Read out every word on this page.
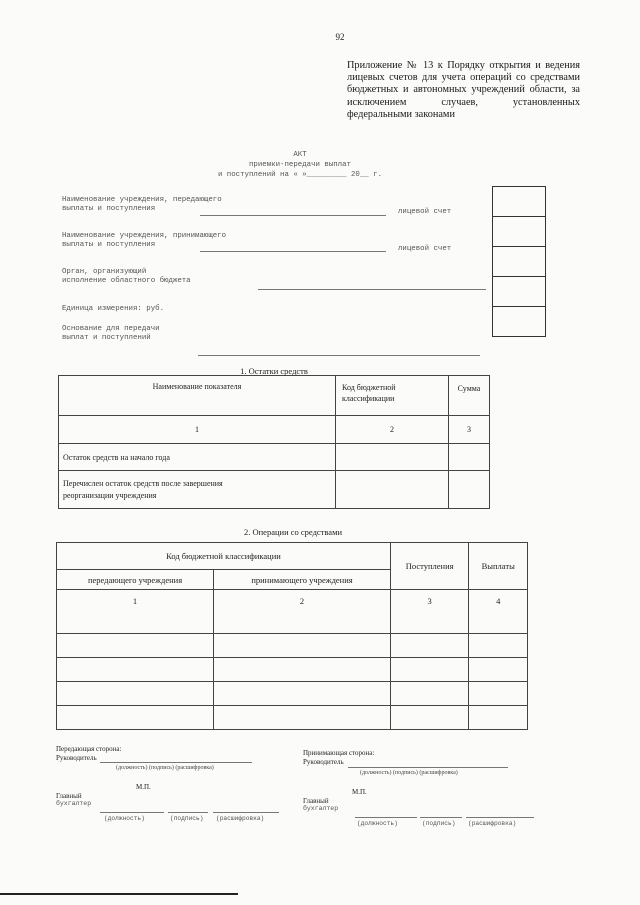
92
Приложение № 13 к Порядку открытия и ведения лицевых счетов для учета операций со средствами бюджетных и автономных учреждений области, за исключением случаев, установленных федеральными законами
АКТ
приемки-передачи выплат
и поступлений на « »_________ 20__ г.
Наименование учреждения, передающего
выплаты и поступления	лицевой счет
Наименование учреждения, принимающего
выплаты и поступления	лицевой счет
Орган, организующий
исполнение областного бюджета
Единица измерения: руб.
Основание для передачи
выплат и поступлений
1. Остатки средств
Наименование показателя	Код бюджетной классификации	Сумма
1	2	3
Остаток средств на начало года		
Перечислен остаток средств после завершения реорганизации учреждения		
2. Операции со средствами
Код бюджетной классификации		Поступления	Выплаты
передающего учреждения	принимающего учреждения		
1	2	3	4

Передающая сторона:
Руководитель
(должность) (подпись) (расшифровка)
М.П.
Главный
бухгалтер
(должность)	(подпись) (расшифровка)
Принимающая сторона:
Руководитель
(должность) (подпись) (расшифровка)
М.П.
Главный
бухгалтер
(должность)	(подпись) (расшифровка)
